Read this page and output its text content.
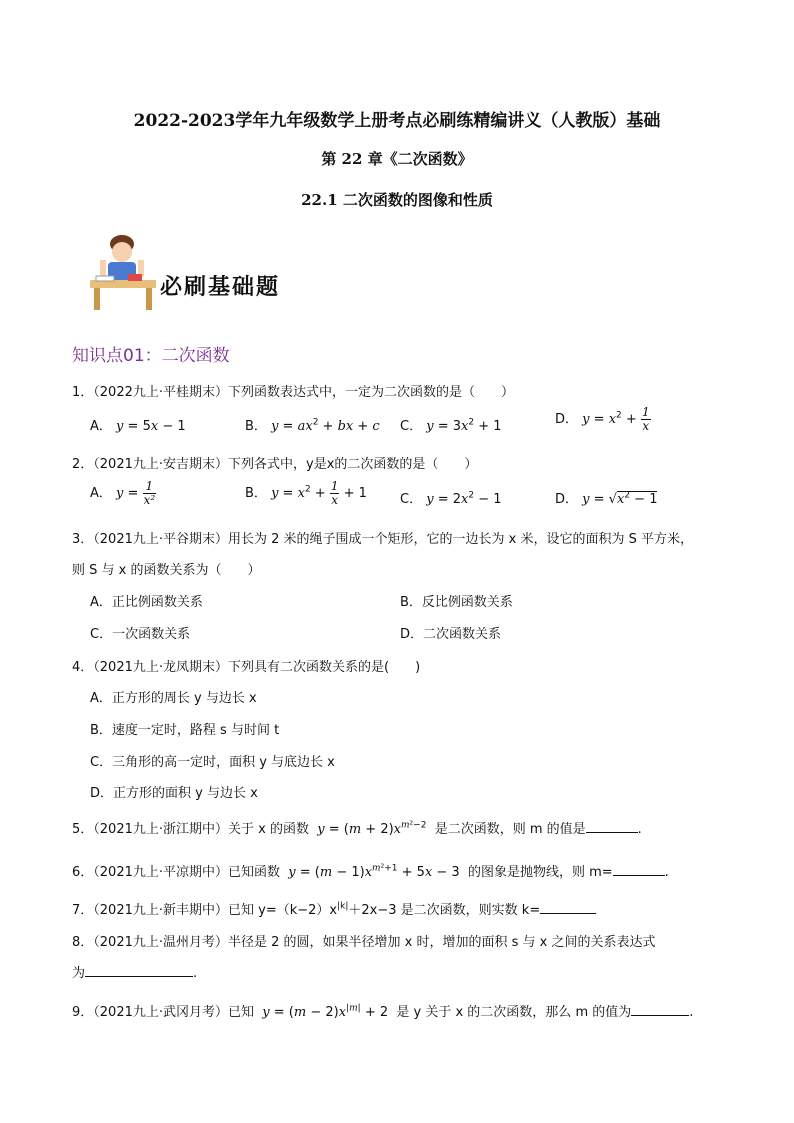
2022-2023学年九年级数学上册考点必刷练精编讲义（人教版）基础
第 22 章《二次函数》
22.1 二次函数的图像和性质
必刷基础题
知识点01：二次函数
1．（2022九上·平桂期末）下列函数表达式中，一定为二次函数的是（　　）
A． y = 5x − 1	B． $y = ax^2$ + bx + c C． $y = 3x^2 + 1$	D． $y = x^2 + \frac{1}{x}$
2．（2021九上·安吉期末）下列各式中，y是x的二次函数的是（　　）
A． $y = \frac{1}{\text{x²}}$	B． $y = x^2 + \frac{1}{x} + 1$	C． $y = 2x^2 - 1$	D． $y = √x^2 - 1$
3．（2021九上·平谷期末）用长为 2 米的绳子围成一个矩形，它的一边长为 x 米，设它的面积为 S 平方米，
则 S 与 x 的函数关系为（　　）
A．正比例函数关系	B．反比例函数关系
C．一次函数关系	D．二次函数关系
4．（2021九上·龙凤期末）下列具有二次函数关系的是(　　)
A．正方形的周长 y 与边长 x
B．速度一定时，路程 s 与时间 t
C．三角形的高一定时，面积 y 与底边长 x
D．正方形的面积 y 与边长 x
5．（2021九上·浙江期中）关于 x 的函数 $y = (m + 2)x^{m^2-2}$ 是二次函数，则 m 的值是	.
6．（2021九上·平凉期中）已知函数 $y = (m - 1)x^{m^2+1} + 5x - 3$  的图象是抛物线，则 m=	.
7．（2021九上·新丰期中）已知 $y=(k-2)x^{|k|}+2x-3$ 是二次函数，则实数 k=
8．（2021九上·温州月考）半径是 2 的圆，如果半径增加 x 时，增加的面积 s 与 x 之间的关系表达式
为	.
9．（2021九上·武冈月考）已知 $y = (m - 2)x^{|m|} + 2$  是 y 关于 x 的二次函数，那么 m 的值为	.
